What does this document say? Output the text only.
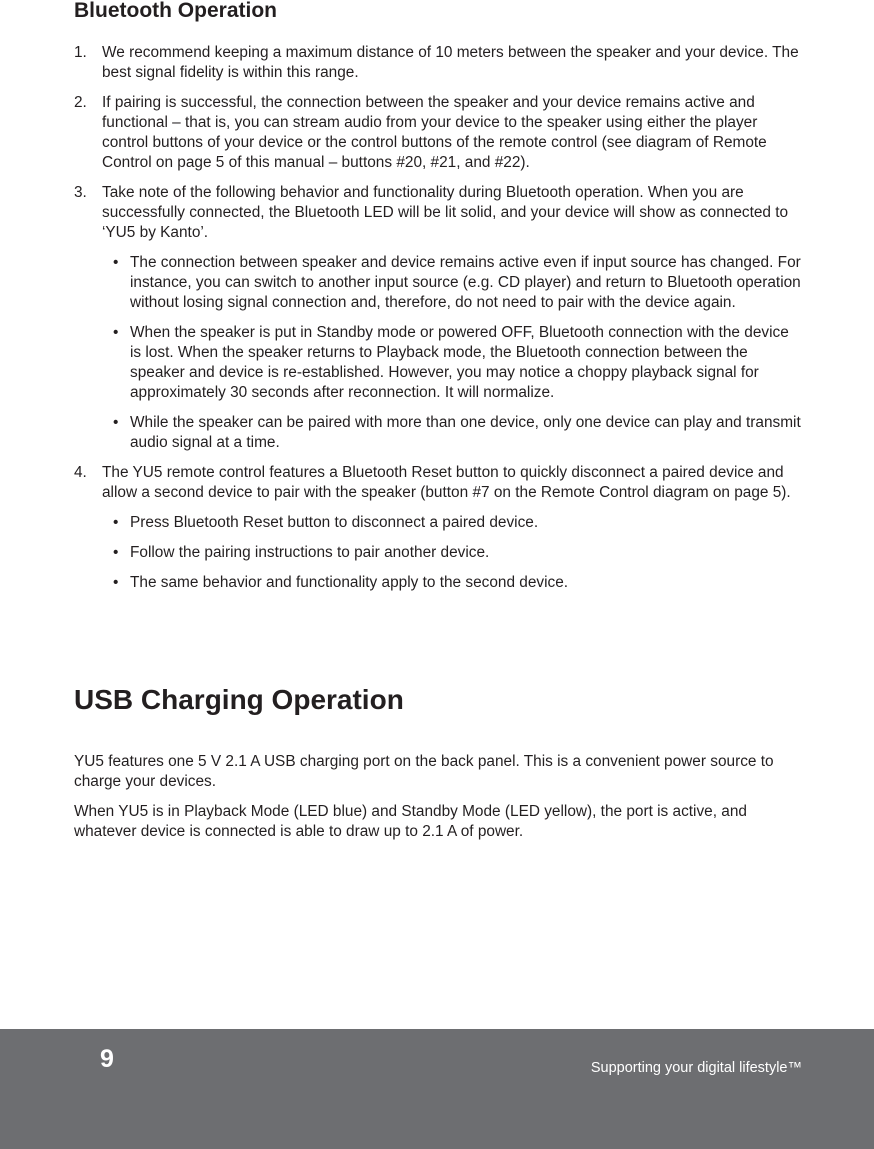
Bluetooth Operation
1. We recommend keeping a maximum distance of 10 meters between the speaker and your device. The best signal fidelity is within this range.
2. If pairing is successful, the connection between the speaker and your device remains active and functional – that is, you can stream audio from your device to the speaker using either the player control buttons of your device or the control buttons of the remote control (see diagram of Remote Control on page 5 of this manual – buttons #20, #21, and #22).
3. Take note of the following behavior and functionality during Bluetooth operation. When you are successfully connected, the Bluetooth LED will be lit solid, and your device will show as connected to ‘YU5 by Kanto’.
• The connection between speaker and device remains active even if input source has changed. For instance, you can switch to another input source (e.g. CD player) and return to Bluetooth operation without losing signal connection and, therefore, do not need to pair with the device again.
• When the speaker is put in Standby mode or powered OFF, Bluetooth connection with the device is lost. When the speaker returns to Playback mode, the Bluetooth connection between the speaker and device is re-established. However, you may notice a choppy playback signal for approximately 30 seconds after reconnection. It will normalize.
• While the speaker can be paired with more than one device, only one device can play and transmit audio signal at a time.
4. The YU5 remote control features a Bluetooth Reset button to quickly disconnect a paired device and allow a second device to pair with the speaker (button #7 on the Remote Control diagram on page 5).
• Press Bluetooth Reset button to disconnect a paired device.
• Follow the pairing instructions to pair another device.
• The same behavior and functionality apply to the second device.
USB Charging Operation

YU5 features one 5 V 2.1 A USB charging port on the back panel. This is a convenient power source to charge your devices.

When YU5 is in Playback Mode (LED blue) and Standby Mode (LED yellow), the port is active, and whatever device is connected is able to draw up to 2.1 A of power.

9	Supporting your digital lifestyle™
